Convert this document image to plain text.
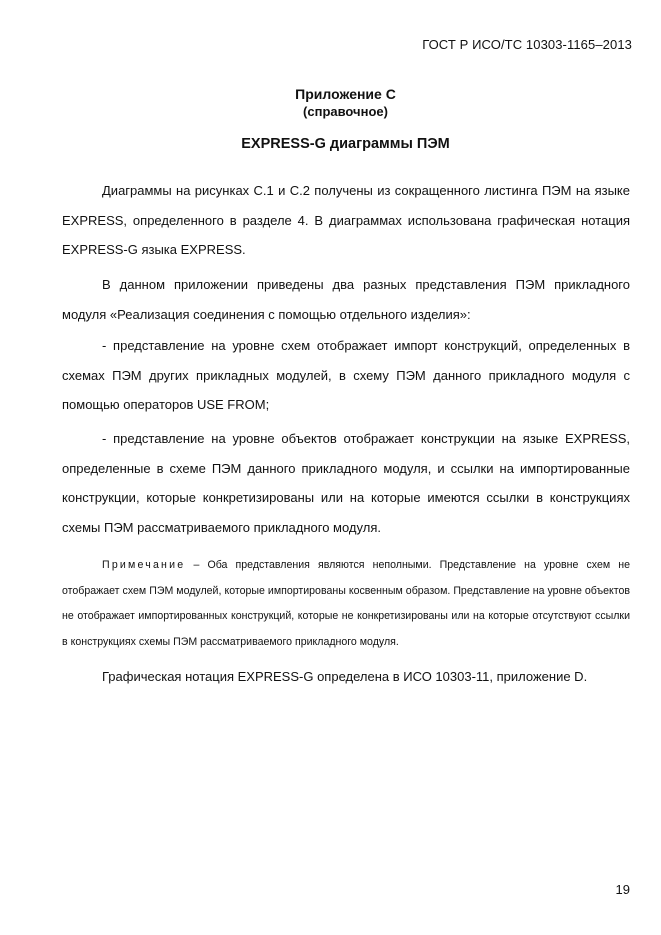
ГОСТ Р ИСО/ТС 10303-1165–2013
Приложение С
(справочное)
EXPRESS-G диаграммы ПЭМ

Диаграммы на рисунках С.1 и С.2 получены из сокращенного листинга ПЭМ на языке EXPRESS, определенного в разделе 4. В диаграммах использована графическая нотация EXPRESS-G языка EXPRESS.

В данном приложении приведены два разных представления ПЭМ прикладного модуля «Реализация соединения с помощью отдельного изделия»:

- представление на уровне схем отображает импорт конструкций, определенных в схемах ПЭМ других прикладных модулей, в схему ПЭМ данного прикладного модуля с помощью операторов USE FROM;

- представление на уровне объектов отображает конструкции на языке EXPRESS, определенные в схеме ПЭМ данного прикладного модуля, и ссылки на импортированные конструкции, которые конкретизированы или на которые имеются ссылки в конструкциях схемы ПЭМ рассматриваемого прикладного модуля.

Примечание – Оба представления являются неполными. Представление на уровне схем не отображает схем ПЭМ модулей, которые импортированы косвенным образом. Представление на уровне объектов не отображает импортированных конструкций, которые не конкретизированы или на которые отсутствуют ссылки в конструкциях схемы ПЭМ рассматриваемого прикладного модуля.

Графическая нотация EXPRESS-G определена в ИСО 10303-11, приложение D.

19
